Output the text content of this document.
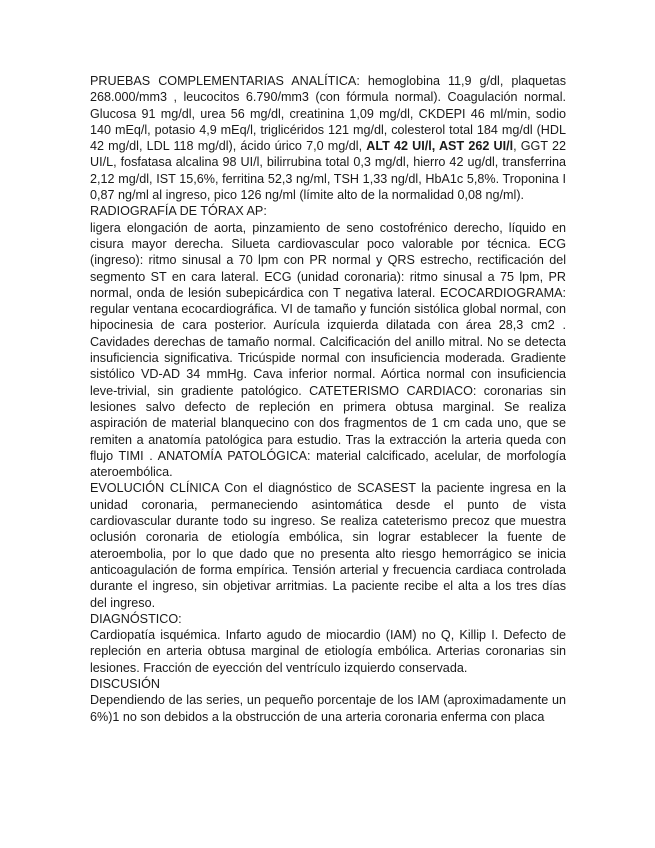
PRUEBAS COMPLEMENTARIAS ANALÍTICA: hemoglobina 11,9 g/dl, plaquetas 268.000/mm3 , leucocitos 6.790/mm3 (con fórmula normal). Coagulación normal. Glucosa 91 mg/dl, urea 56 mg/dl, creatinina 1,09 mg/dl, CKDEPI 46 ml/min, sodio 140 mEq/l, potasio 4,9 mEq/l, triglicéridos 121 mg/dl, colesterol total 184 mg/dl (HDL 42 mg/dl, LDL 118 mg/dl), ácido úrico 7,0 mg/dl, ALT 42 UI/l, AST 262 UI/l, GGT 22 UI/L, fosfatasa alcalina 98 UI/l, bilirrubina total 0,3 mg/dl, hierro 42 ug/dl, transferrina 2,12 mg/dl, IST 15,6%, ferritina 52,3 ng/ml, TSH 1,33 ng/dl, HbA1c 5,8%. Troponina I 0,87 ng/ml al ingreso, pico 126 ng/ml (límite alto de la normalidad 0,08 ng/ml).

RADIOGRAFÍA DE TÓRAX AP:

ligera elongación de aorta, pinzamiento de seno costofrénico derecho, líquido en cisura mayor derecha. Silueta cardiovascular poco valorable por técnica. ECG (ingreso): ritmo sinusal a 70 lpm con PR normal y QRS estrecho, rectificación del segmento ST en cara lateral. ECG (unidad coronaria): ritmo sinusal a 75 lpm, PR normal, onda de lesión subepicárdica con T negativa lateral. ECOCARDIOGRAMA: regular ventana ecocardiográfica. VI de tamaño y función sistólica global normal, con hipocinesia de cara posterior. Aurícula izquierda dilatada con área 28,3 cm2 . Cavidades derechas de tamaño normal. Calcificación del anillo mitral. No se detecta insuficiencia significativa. Tricúspide normal con insuficiencia moderada. Gradiente sistólico VD-AD 34 mmHg. Cava inferior normal. Aórtica normal con insuficiencia leve-trivial, sin gradiente patológico. CATETERISMO CARDIACO: coronarias sin lesiones salvo defecto de repleción en primera obtusa marginal. Se realiza aspiración de material blanquecino con dos fragmentos de 1 cm cada uno, que se remiten a anatomía patológica para estudio. Tras la extracción la arteria queda con flujo TIMI . ANATOMÍA PATOLÓGICA: material calcificado, acelular, de morfología ateroembólica.

EVOLUCIÓN CLÍNICA Con el diagnóstico de SCASEST la paciente ingresa en la unidad coronaria, permaneciendo asintomática desde el punto de vista cardiovascular durante todo su ingreso. Se realiza cateterismo precoz que muestra oclusión coronaria de etiología embólica, sin lograr establecer la fuente de ateroembolia, por lo que dado que no presenta alto riesgo hemorrágico se inicia anticoagulación de forma empírica. Tensión arterial y frecuencia cardiaca controlada durante el ingreso, sin objetivar arritmias. La paciente recibe el alta a los tres días del ingreso.

DIAGNÓSTICO:

Cardiopatía isquémica. Infarto agudo de miocardio (IAM) no Q, Killip I. Defecto de repleción en arteria obtusa marginal de etiología embólica. Arterias coronarias sin lesiones. Fracción de eyección del ventrículo izquierdo conservada.

DISCUSIÓN

Dependiendo de las series, un pequeño porcentaje de los IAM (aproximadamente un 6%)1 no son debidos a la obstrucción de una arteria coronaria enferma con placa
